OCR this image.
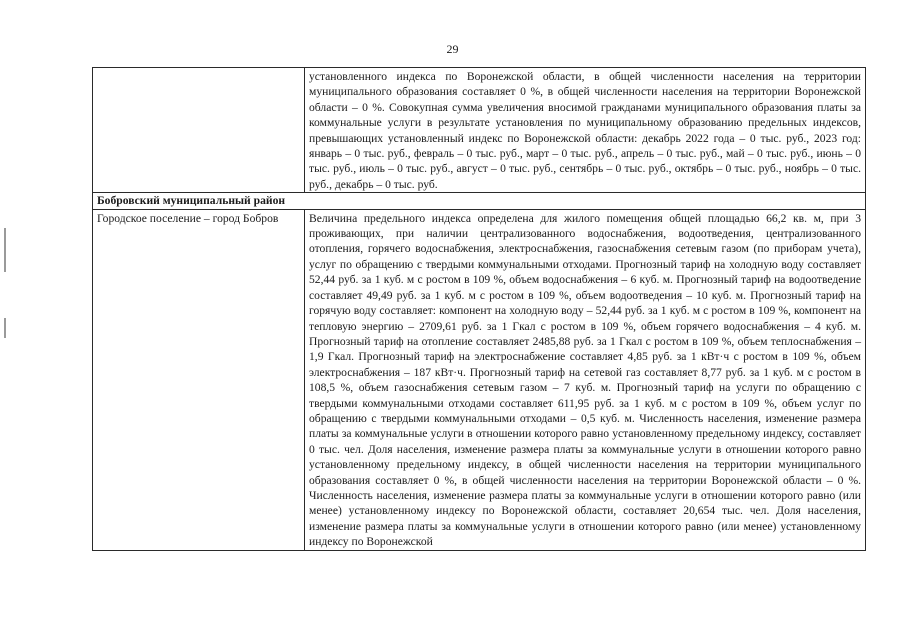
29
	установленного индекса по Воронежской области, в общей численности населения на территории муниципального образования составляет 0 %, в общей численности населения на территории Воронежской области – 0 %. Совокупная сумма увеличения вносимой гражданами муниципального образования платы за коммунальные услуги в результате установления по муниципальному образованию предельных индексов, превышающих установленный индекс по Воронежской области: декабрь 2022 года – 0 тыс. руб., 2023 год: январь – 0 тыс. руб., февраль – 0 тыс. руб., март – 0 тыс. руб., апрель – 0 тыс. руб., май – 0 тыс. руб., июнь – 0 тыс. руб., июль – 0 тыс. руб., август – 0 тыс. руб., сентябрь – 0 тыс. руб., октябрь – 0 тыс. руб., ноябрь – 0 тыс. руб., декабрь – 0 тыс. руб.
Бобровский муниципальный район	
Городское поселение – город Бобров	Величина предельного индекса определена для жилого помещения общей площадью 66,2 кв. м, при 3 проживающих, при наличии централизованного водоснабжения, водоотведения, централизованного отопления, горячего водоснабжения, электроснабжения, газоснабжения сетевым газом (по приборам учета), услуг по обращению с твердыми коммунальными отходами. Прогнозный тариф на холодную воду составляет 52,44 руб. за 1 куб. м с ростом в 109 %, объем водоснабжения – 6 куб. м. Прогнозный тариф на водоотведение составляет 49,49 руб. за 1 куб. м с ростом в 109 %, объем водоотведения – 10 куб. м. Прогнозный тариф на горячую воду составляет: компонент на холодную воду – 52,44 руб. за 1 куб. м с ростом в 109 %, компонент на тепловую энергию – 2709,61 руб. за 1 Гкал с ростом в 109 %, объем горячего водоснабжения – 4 куб. м. Прогнозный тариф на отопление составляет 2485,88 руб. за 1 Гкал с ростом в 109 %, объем теплоснабжения – 1,9 Гкал. Прогнозный тариф на электроснабжение составляет 4,85 руб. за 1 кВт·ч с ростом в 109 %, объем электроснабжения – 187 кВт·ч. Прогнозный тариф на сетевой газ составляет 8,77 руб. за 1 куб. м с ростом в 108,5 %, объем газоснабжения сетевым газом – 7 куб. м. Прогнозный тариф на услуги по обращению с твердыми коммунальными отходами составляет 611,95 руб. за 1 куб. м с ростом в 109 %, объем услуг по обращению с твердыми коммунальными отходами – 0,5 куб. м. Численность населения, изменение размера платы за коммунальные услуги в отношении которого равно установленному предельному индексу, составляет 0 тыс. чел. Доля населения, изменение размера платы за коммунальные услуги в отношении которого равно установленному предельному индексу, в общей численности населения на территории муниципального образования составляет 0 %, в общей численности населения на территории Воронежской области – 0 %. Численность населения, изменение размера платы за коммунальные услуги в отношении которого равно (или менее) установленному индексу по Воронежской области, составляет 20,654 тыс. чел. Доля населения, изменение размера платы за коммунальные услуги в отношении которого равно (или менее) установленному индексу по Воронежской
